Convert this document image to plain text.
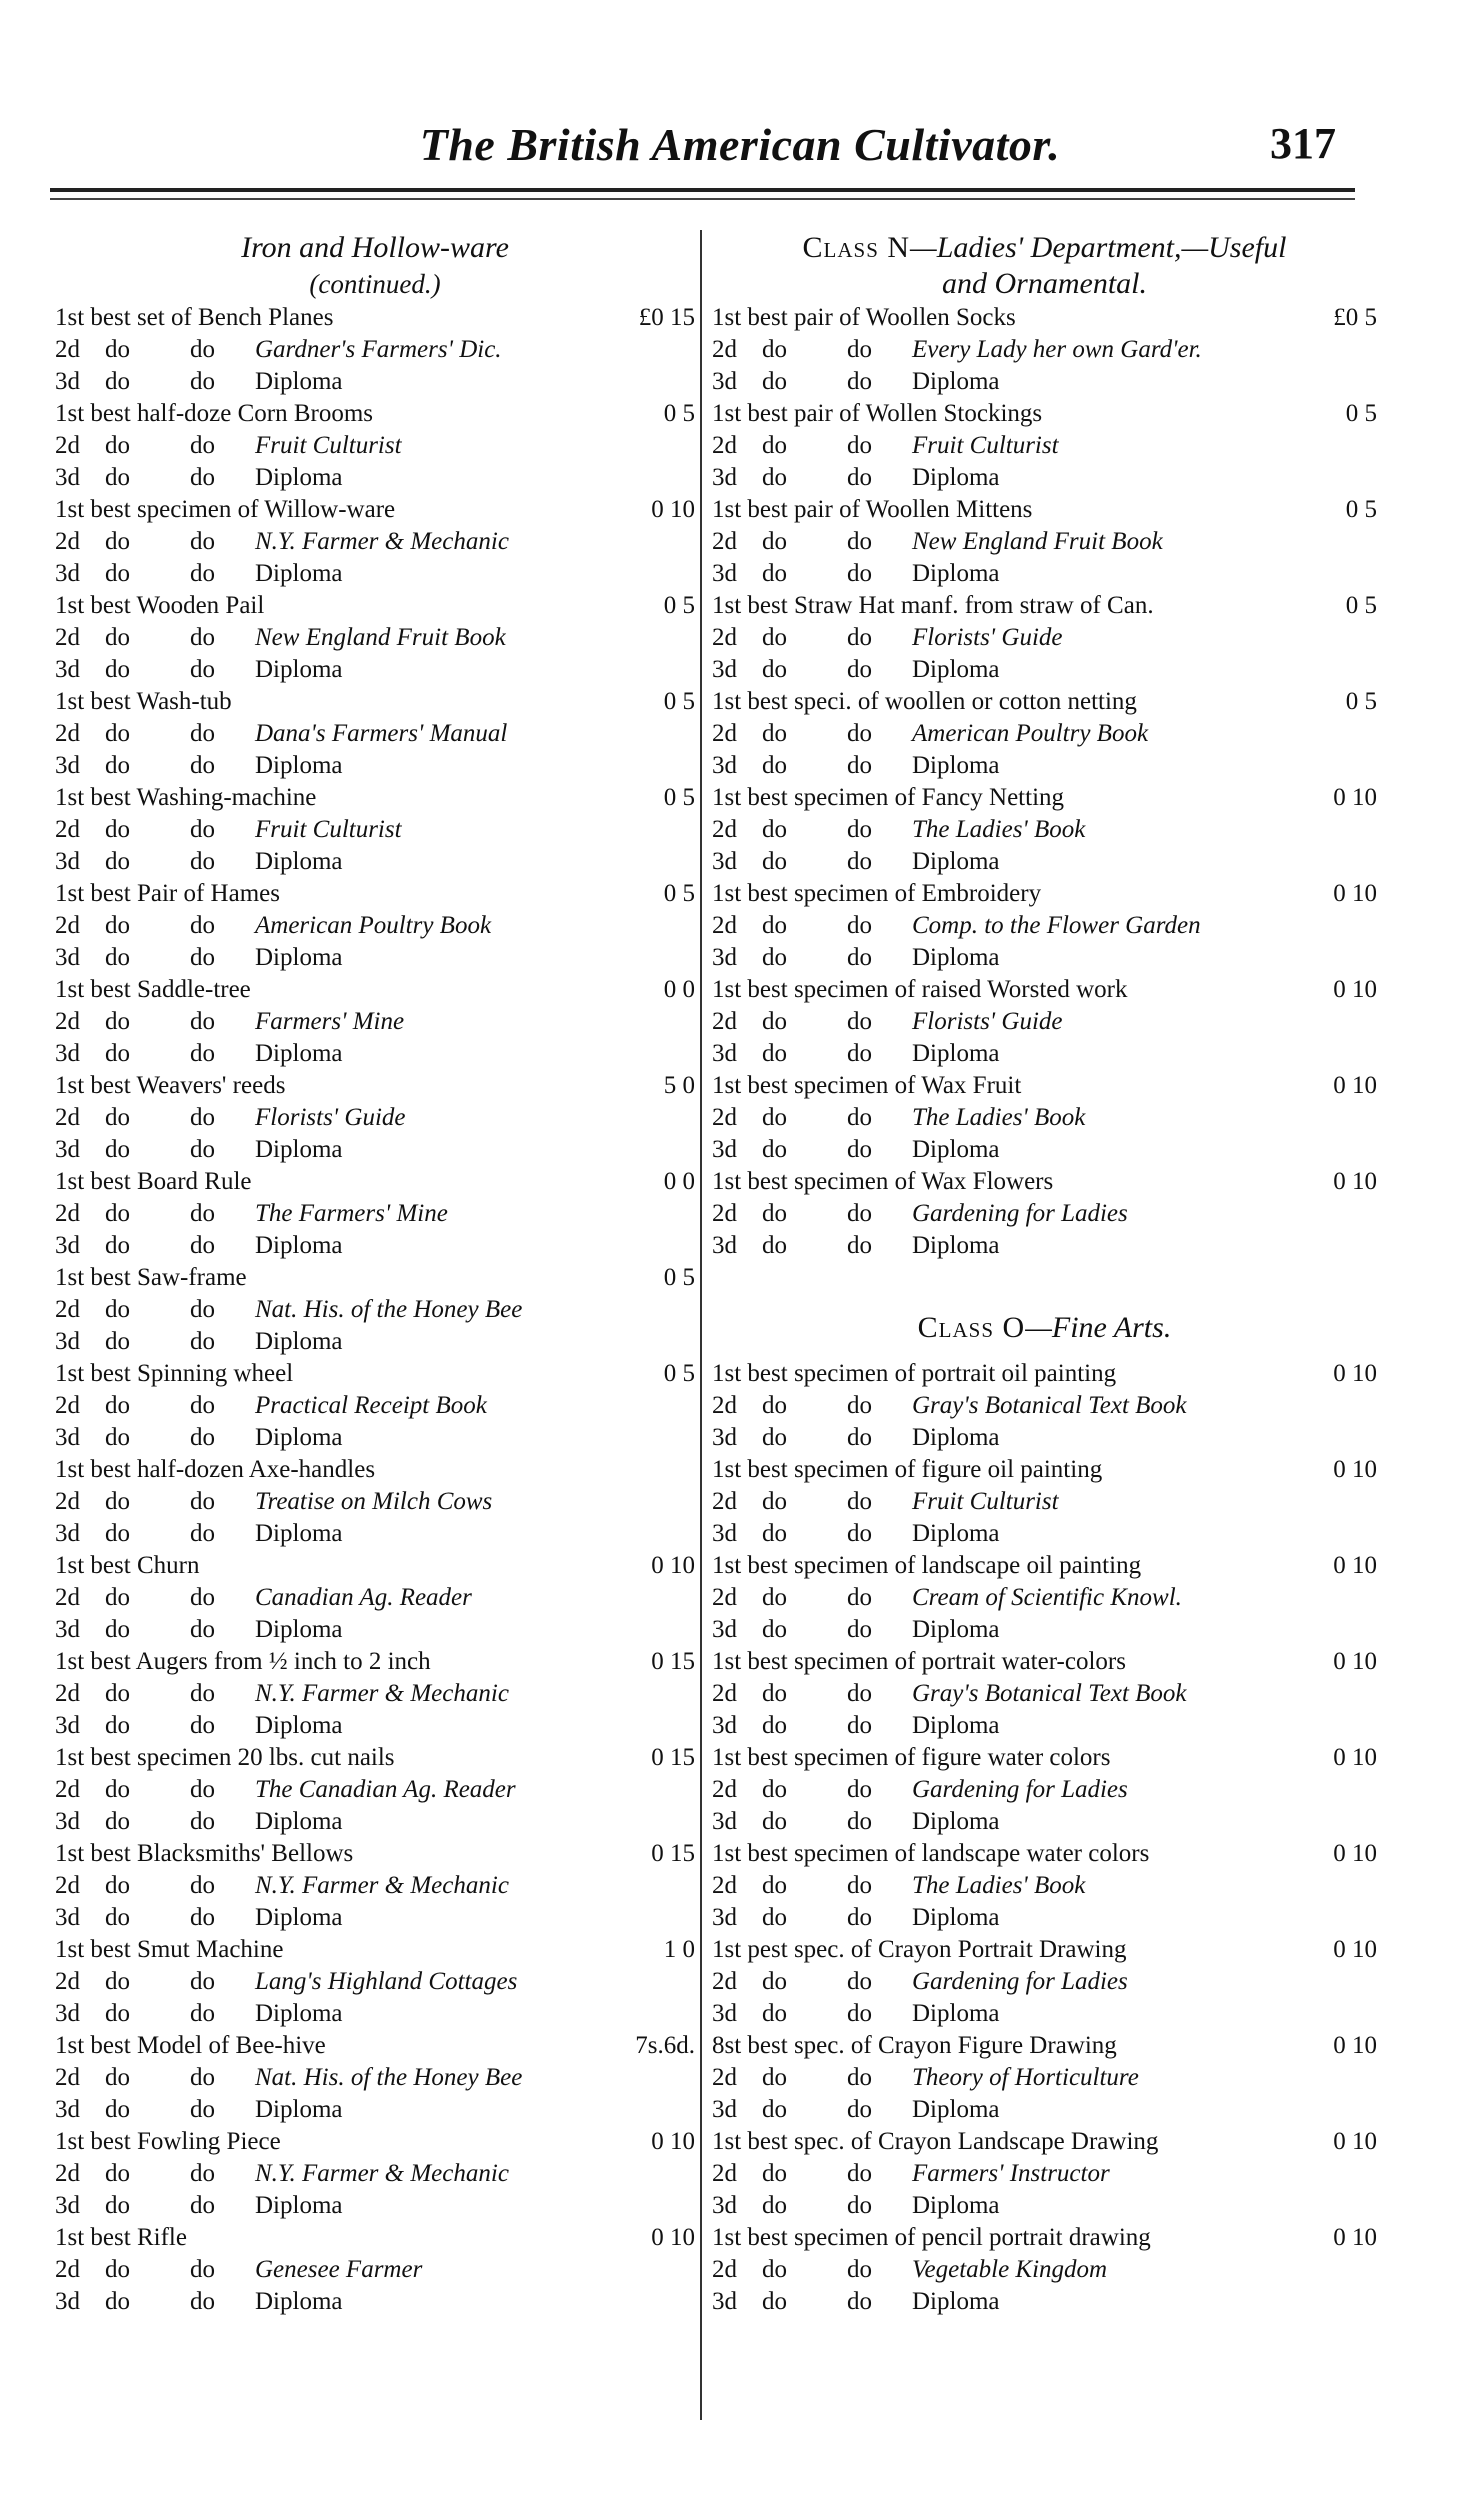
The British American Cultivator.	317
Iron and Hollow-ware
(continued.)
1st best set of Bench Planes	£0 15
2d do do Gardner's Farmers' Dic.
3d do do Diploma
1st best half-doze Corn Brooms	0 5
2d do do Fruit Culturist
3d do do Diploma
1st best specimen of Willow-ware	0 10
2d do do N.Y. Farmer & Mechanic
3d do do Diploma
1st best Wooden Pail	0 5
2d do do New England Fruit Book
3d do do Diploma
1st best Wash-tub	0 5
2d do do Dana's Farmers' Manual
3d do do Diploma
1st best Washing-machine	0 5
2d do do Fruit Culturist
3d do do Diploma
1st best Pair of Hames	0 5
2d do do American Poultry Book
3d do do Diploma
1st best Saddle-tree	0 0
2d do do Farmers' Mine
3d do do Diploma
1st best Weavers' reeds	5 0
2d do do Florists' Guide
3d do do Diploma
1st best Board Rule	0 0
2d do do The Farmers' Mine
3d do do Diploma
1st best Saw-frame	0 5
2d do do Nat. His. of the Honey Bee
3d do do Diploma
1st best Spinning wheel	0 5
2d do do Practical Receipt Book
3d do do Diploma
1st best half-dozen Axe-handles
2d do do Treatise on Milch Cows
3d do do Diploma
1st best Churn	0 10
2d do do Canadian Ag. Reader
3d do do Diploma
1st best Augers from ½ inch to 2 inch	0 15
2d do do N.Y. Farmer & Mechanic
3d do do Diploma
1st best specimen 20 lbs. cut nails	0 15
2d do do The Canadian Ag. Reader
3d do do Diploma
1st best Blacksmiths' Bellows	0 15
2d do do N.Y. Farmer & Mechanic
3d do do Diploma
1st best Smut Machine	1 0
2d do do Lang's Highland Cottages
3d do do Diploma
1st best Model of Bee-hive	7s.6d.
2d do do Nat. His. of the Honey Bee
3d do do Diploma
1st best Fowling Piece	0 10
2d do do N.Y. Farmer & Mechanic
3d do do Diploma
1st best Rifle	0 10
2d do do Genesee Farmer
3d do do Diploma
Class N—Ladies' Department,—Useful
and Ornamental.
1st best pair of Woollen Socks	£0 5
2d do do Every Lady her own Gard'er.
3d do do Diploma
1st best pair of Wollen Stockings	0 5
2d do do Fruit Culturist
3d do do Diploma
1st best pair of Woollen Mittens	0 5
2d do do New England Fruit Book
3d do do Diploma
1st best Straw Hat manf. from straw of Can.	0 5
2d do do Florists' Guide
3d do do Diploma
1st best speci. of woollen or cotton netting	0 5
2d do do American Poultry Book
3d do do Diploma
1st best specimen of Fancy Netting	0 10
2d do do The Ladies' Book
3d do do Diploma
1st best specimen of Embroidery	0 10
2d do do Comp. to the Flower Garden
3d do do Diploma
1st best specimen of raised Worsted work	0 10
2d do do Florists' Guide
3d do do Diploma
1st best specimen of Wax Fruit	0 10
2d do do The Ladies' Book
3d do do Diploma
1st best specimen of Wax Flowers	0 10
2d do do Gardening for Ladies
3d do do Diploma
Class O—Fine Arts.
1st best specimen of portrait oil painting	0 10
2d do do Gray's Botanical Text Book
3d do do Diploma
1st best specimen of figure oil painting	0 10
2d do do Fruit Culturist
3d do do Diploma
1st best specimen of landscape oil painting	0 10
2d do do Cream of Scientific Knowl.
3d do do Diploma
1st best specimen of portrait water-colors	0 10
2d do do Gray's Botanical Text Book
3d do do Diploma
1st best specimen of figure water colors	0 10
2d do do Gardening for Ladies
3d do do Diploma
1st best specimen of landscape water colors	0 10
2d do do The Ladies' Book
3d do do Diploma
1st pest spec. of Crayon Portrait Drawing	0 10
2d do do Gardening for Ladies
3d do do Diploma
8st best spec. of Crayon Figure Drawing	0 10
2d do do Theory of Horticulture
3d do do Diploma
1st best spec. of Crayon Landscape Drawing	0 10
2d do do Farmers' Instructor
3d do do Diploma
1st best specimen of pencil portrait drawing	0 10
2d do do Vegetable Kingdom
3d do do Diploma
